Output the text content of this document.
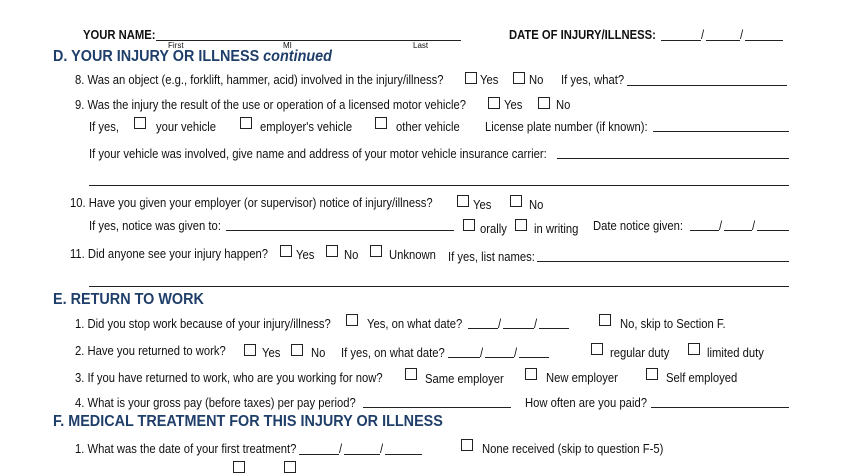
YOUR NAME:
First	MI	Last
DATE OF INJURY/ILLNESS:	/	/
D. YOUR INJURY OR ILLNESS continued
8. Was an object (e.g., forklift, hammer, acid) involved in the injury/illness?	Yes No If yes, what?
9. Was the injury the result of the use or operation of a licensed motor vehicle?	Yes	No
If yes,	your vehicle	employer's vehicle	other vehicle License plate number (if known):
If your vehicle was involved, give name and address of your motor vehicle insurance carrier:
10. Have you given your employer (or supervisor) notice of injury/illness?	Yes	No
If yes, notice was given to:	orally in writing Date notice given:	/ /
11. Did anyone see your injury happen? Yes No Unknown If yes, list names:
E. RETURN TO WORK
1. Did you stop work because of your injury/illness?	Yes, on what date?	/	/	No, skip to Section F.
2. Have you returned to work?	Yes No If yes, on what date?	/ /	regular duty	limited duty
3. If you have returned to work, who are you working for now?	Same employer	New employer	Self employed
4. What is your gross pay (before taxes) per pay period?	How often are you paid?
F. MEDICAL TREATMENT FOR THIS INJURY OR ILLNESS
1. What was the date of your first treatment?	/	/	None received (skip to question F-5)
